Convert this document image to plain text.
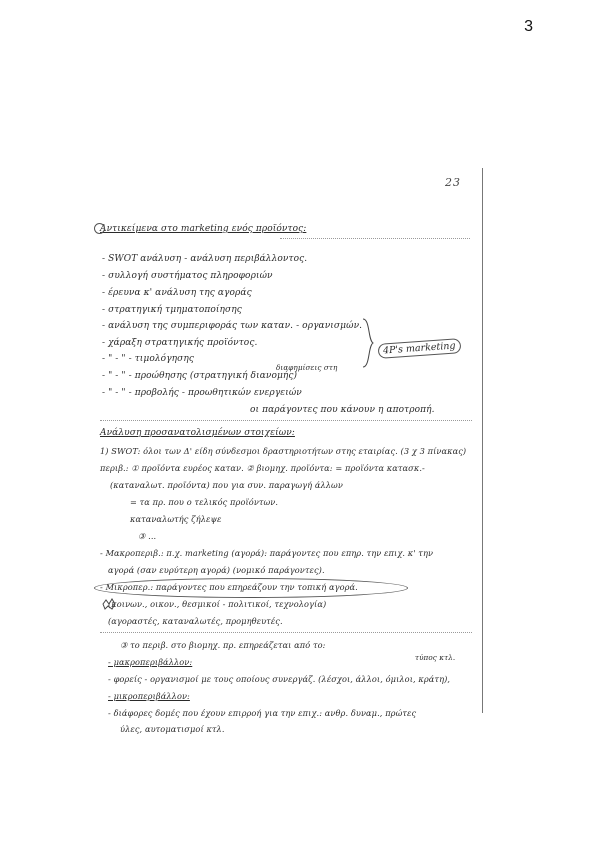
3
23
Αντικείμενα στο marketing ενός προϊόντος:
- SWOT ανάλυση - ανάλυση περιβάλλοντος.
- συλλογή συστήματος πληροφοριών
- έρευνα κ' ανάλυση της αγοράς
- στρατηγική τμηματοποίησης
- ανάλυση της συμπεριφοράς των καταν. - οργανισμών.
- χάραξη στρατηγικής προϊόντος.
- " - " - τιμολόγησης
διαφημίσεις στη
- " - " - προώθησης (στρατηγική διανομής)
- " - " - προβολής - προωθητικών ενεργειών
οι παράγοντες που κάνουν η αποτροπή.
4P's marketing
Ανάλυση προσανατολισμένων στοιχείων:
1) SWOT: όλοι των Δ' είδη σύνδεσμοι δραστηριοτήτων στης εταιρίας. (3 χ 3 πίνακας)
περιβ.: ① προϊόντα ευρέος καταν. ② βιομηχ. προϊόντα: = προϊόντα κατασκ.-
(καταναλωτ. προϊόντα) που για συν. παραγωγή άλλων
= τα πρ. που ο τελικός προϊόντων.
καταναλωτής ζήλεψε
③ ...
- Μακροπεριβ.: π.χ. marketing (αγορά): παράγοντες που επηρ. την επιχ. κ' την
αγορά (σαν ευρύτερη αγορά) (νομικό παράγοντες).
- Μικροπερ.: παράγοντες που επηρεάζουν την τοπική αγορά.
(κοινων., οικον., θεσμικοί - πολιτικοί, τεχνολογία)
(αγοραστές, καταναλωτές, προμηθευτές.
③ το περιβ. στο βιομηχ. πρ. επηρεάζεται από το:
τύπος κτλ.
- μακροπεριβάλλον:
- φορείς - οργανισμοί με τους οποίους συνεργάζ. (λέσχοι, άλλοι, όμιλοι, κράτη),
- μικροπεριβάλλον:
- διάφορες δομές που έχουν επιρροή για την επιχ.: ανθρ. δυναμ., πρώτες
ύλες, αυτοματισμοί κτλ.
